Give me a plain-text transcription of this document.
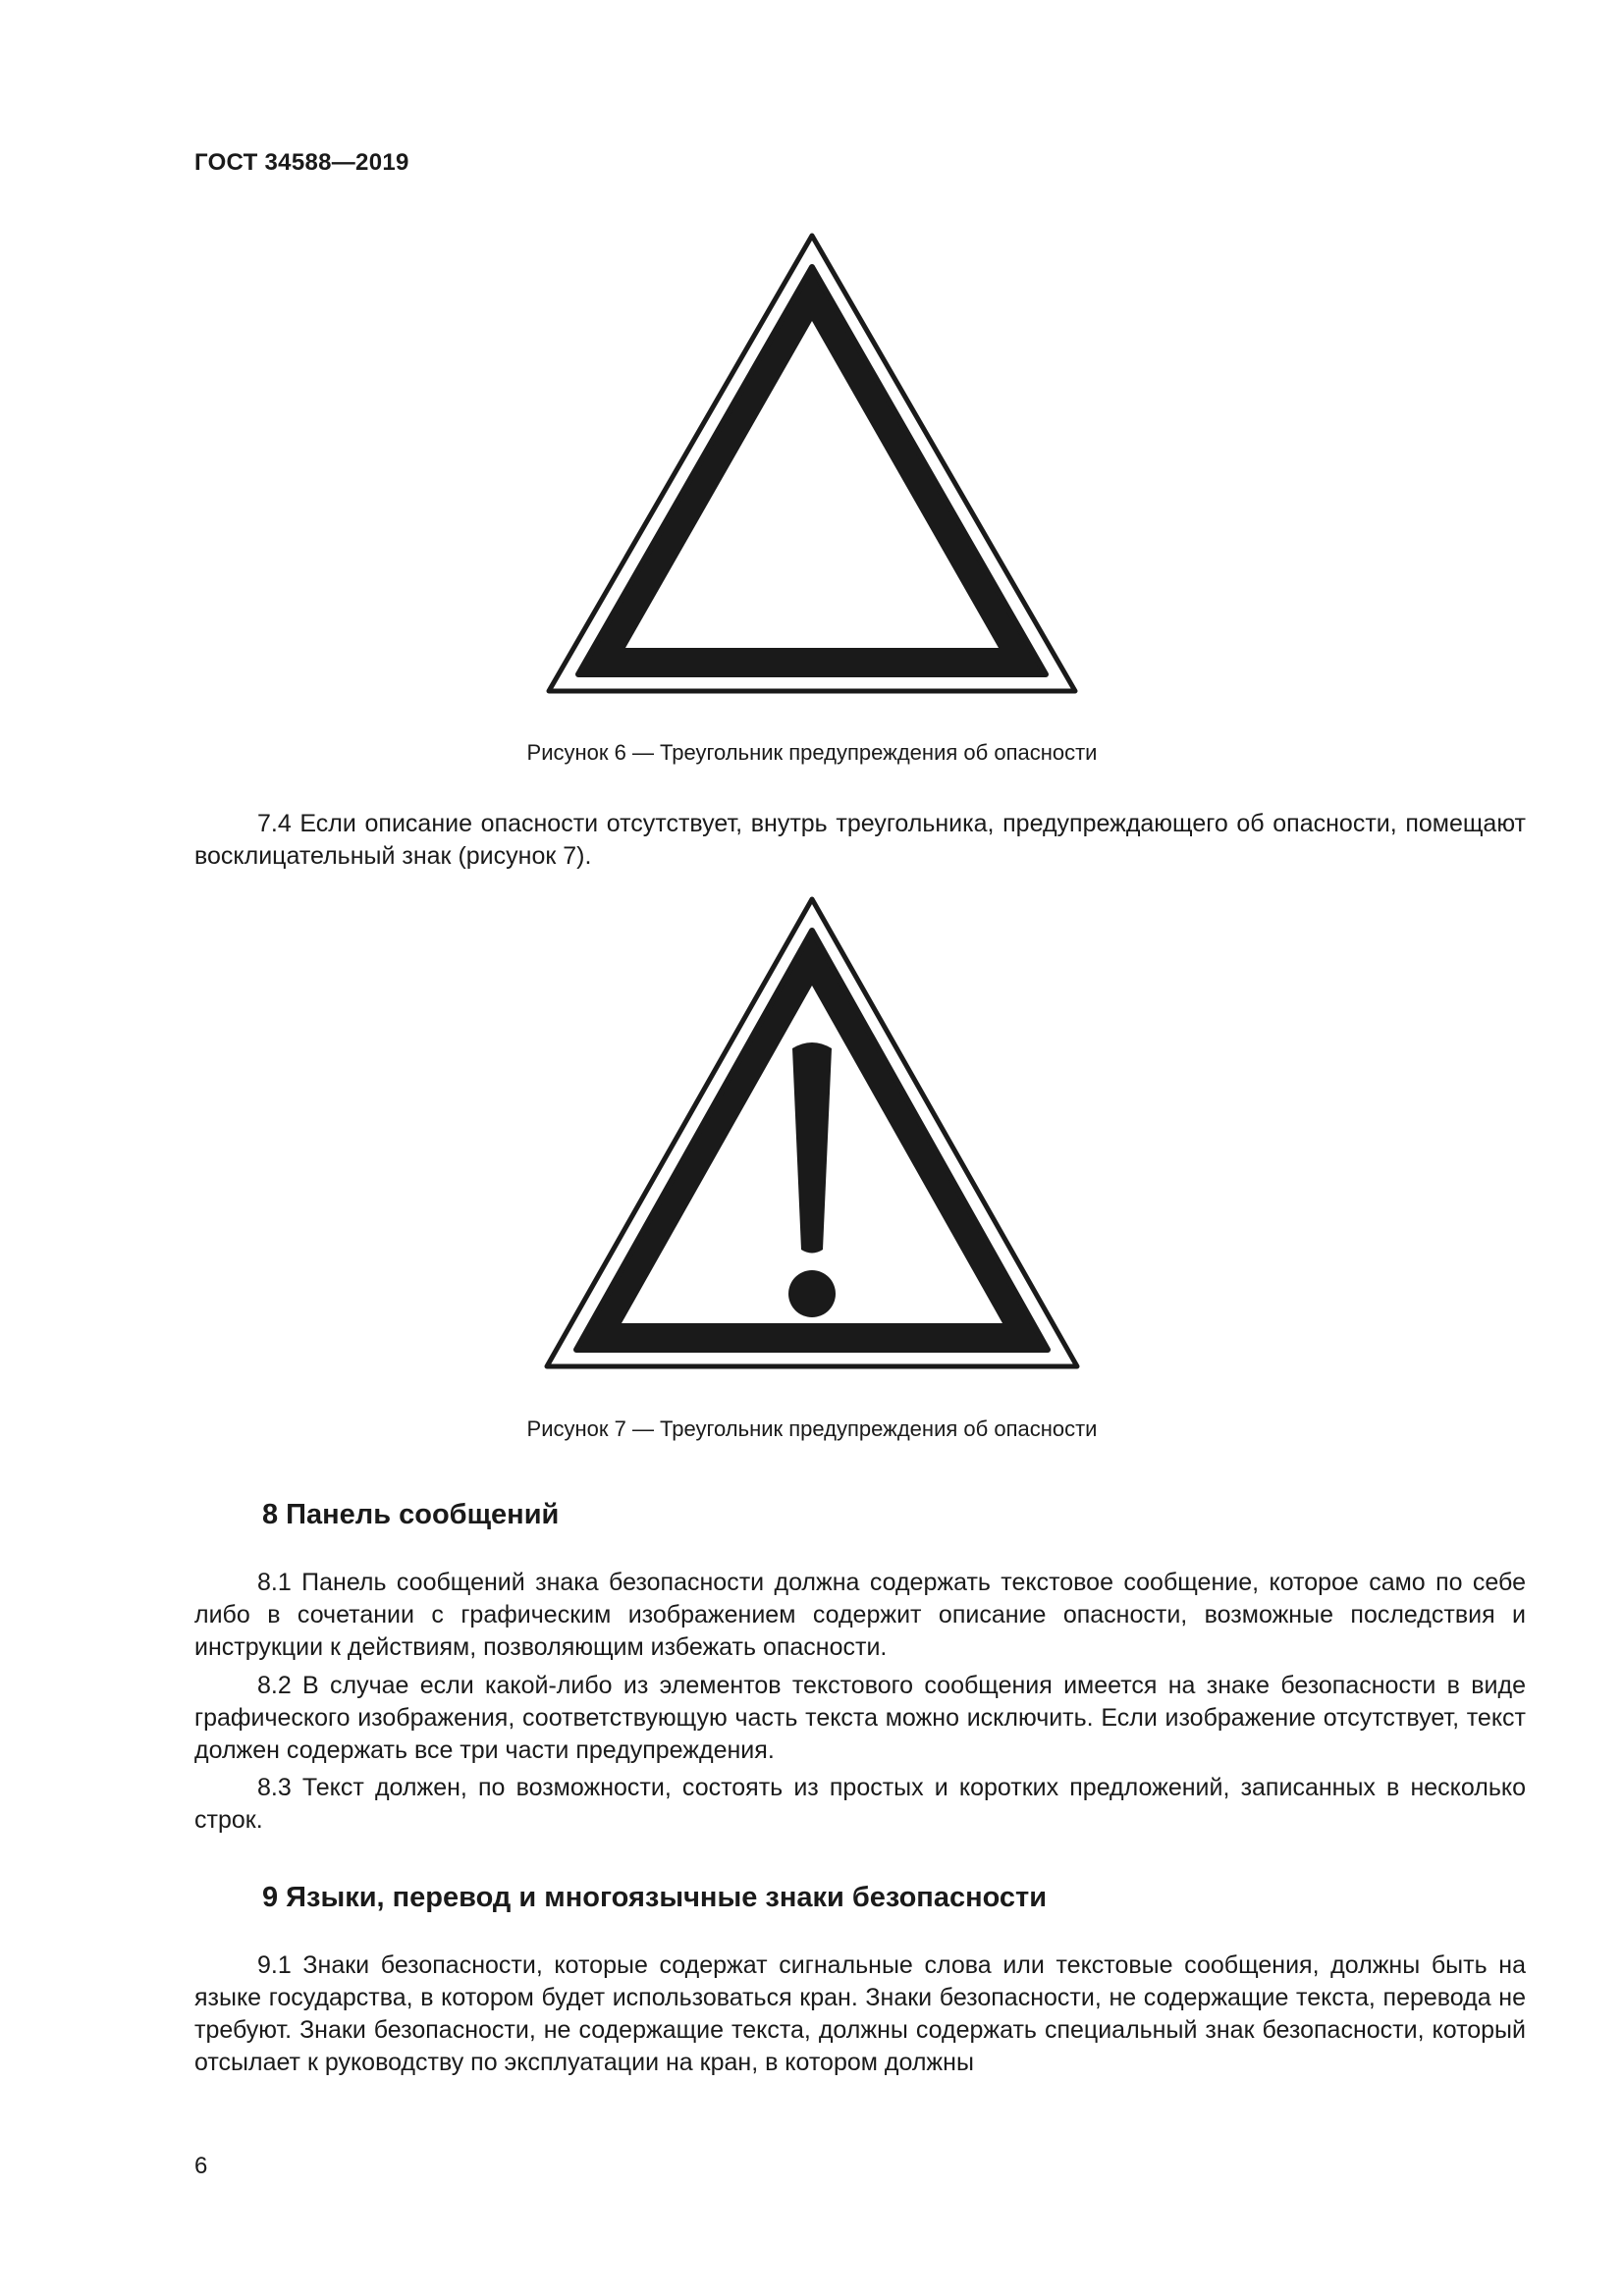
ГОСТ 34588—2019
Рисунок 6 — Треугольник предупреждения об опасности

7.4 Если описание опасности отсутствует, внутрь треугольника, предупреждающего об опасности, помещают восклицательный знак (рисунок 7).

Рисунок 7 — Треугольник предупреждения об опасности
8 Панель сообщений

8.1 Панель сообщений знака безопасности должна содержать текстовое сообщение, которое само по себе либо в сочетании с графическим изображением содержит описание опасности, возможные последствия и инструкции к действиям, позволяющим избежать опасности.

8.2 В случае если какой-либо из элементов текстового сообщения имеется на знаке безопасности в виде графического изображения, соответствующую часть текста можно исключить. Если изображение отсутствует, текст должен содержать все три части предупреждения.

8.3 Текст должен, по возможности, состоять из простых и коротких предложений, записанных в несколько строк.

9 Языки, перевод и многоязычные знаки безопасности

9.1 Знаки безопасности, которые содержат сигнальные слова или текстовые сообщения, должны быть на языке государства, в котором будет использоваться кран. Знаки безопасности, не содержащие текста, перевода не требуют. Знаки безопасности, не содержащие текста, должны содержать специальный знак безопасности, который отсылает к руководству по эксплуатации на кран, в котором должны

6
